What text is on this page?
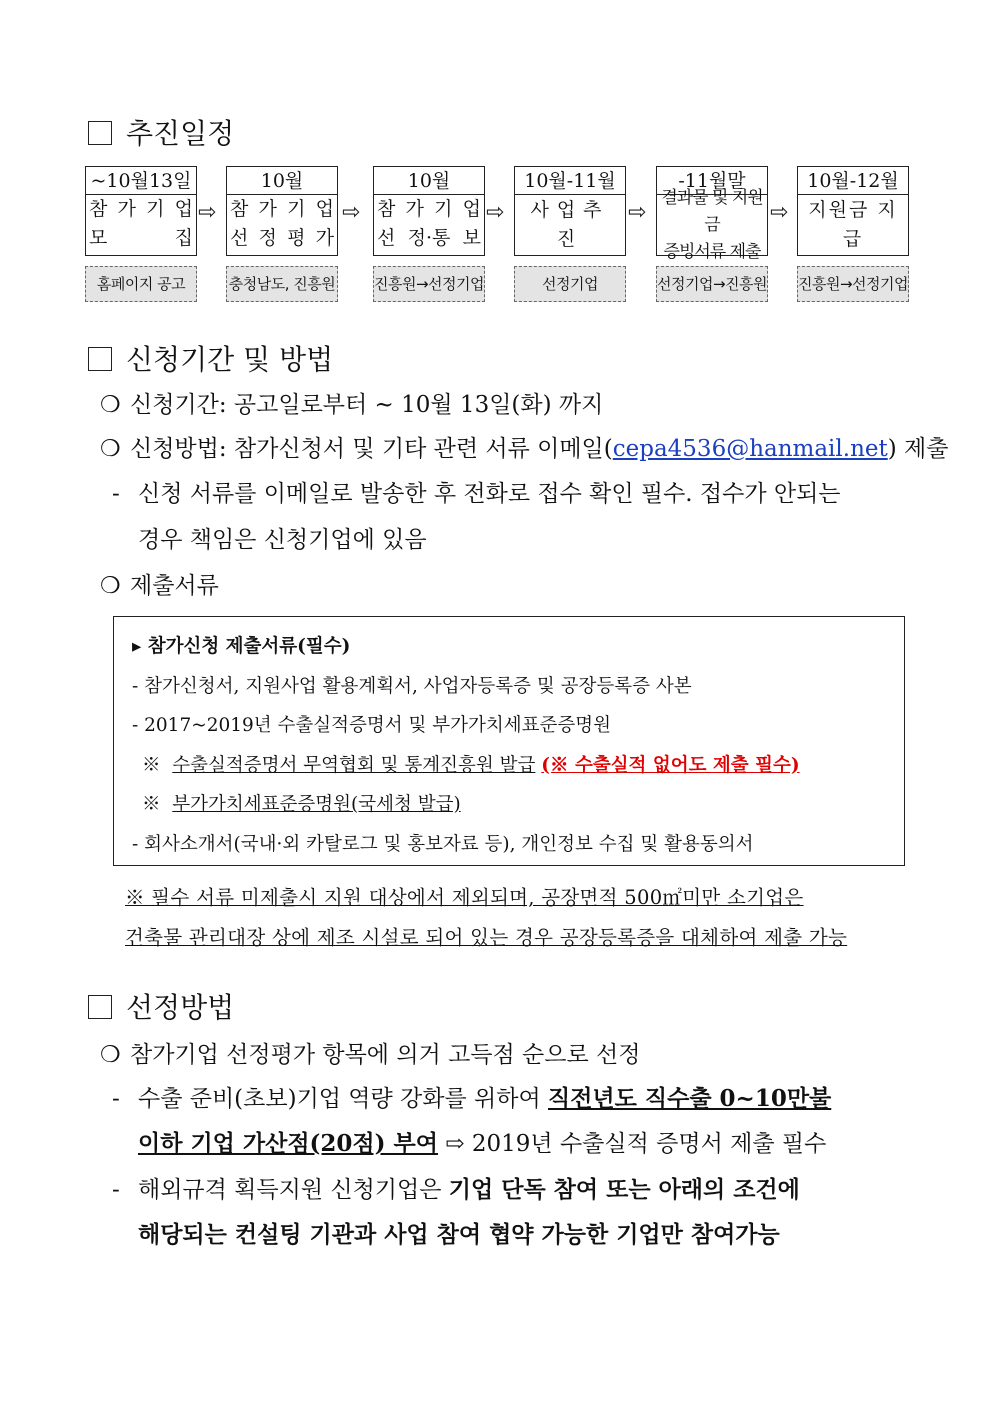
추진일정
~10월13일
참 가 기 업
모	집
홈페이지 공고
⇨
10월
참 가 기 업
선 정 평 가
충청남도, 진흥원
⇨
10월
참 가 기 업
선 정·통 보
진흥원→선정기업
⇨
10월-11월
사업추진
선정기업
⇨
-11월말
결과물 및 지원금
증빙서류 제출
선정기업→진흥원
⇨
10월-12월
지원금 지급
진흥원→선정기업
신청기간 및 방법
❍ 신청기간: 공고일로부터 ~ 10월 13일(화) 까지
❍ 신청방법: 참가신청서 및 기타 관련 서류 이메일(cepa4536@hanmail.net) 제출
- 신청 서류를 이메일로 발송한 후 전화로 접수 확인 필수. 접수가 안되는
경우 책임은 신청기업에 있음
❍ 제출서류
▸ 참가신청 제출서류(필수)
- 참가신청서, 지원사업 활용계획서, 사업자등록증 및 공장등록증 사본
- 2017~2019년 수출실적증명서 및 부가가치세표준증명원
※ 수출실적증명서 무역협회 및 통계진흥원 발급 (※ 수출실적 없어도 제출 필수)
※ 부가가치세표준증명원(국세청 발급)
- 회사소개서(국내·외 카탈로그 및 홍보자료 등), 개인정보 수집 및 활용동의서
※ 필수 서류 미제출시 지원 대상에서 제외되며, 공장면적 500㎡미만 소기업은
건축물 관리대장 상에 제조 시설로 되어 있는 경우 공장등록증을 대체하여 제출 가능
선정방법
❍ 참가기업 선정평가 항목에 의거 고득점 순으로 선정
- 수출 준비(초보)기업 역량 강화를 위하여 직전년도 직수출 0~10만불
이하 기업 가산점(20점) 부여 ⇨ 2019년 수출실적 증명서 제출 필수
- 해외규격 획득지원 신청기업은 기업 단독 참여 또는 아래의 조건에
해당되는 컨설팅 기관과 사업 참여 협약 가능한 기업만 참여가능
